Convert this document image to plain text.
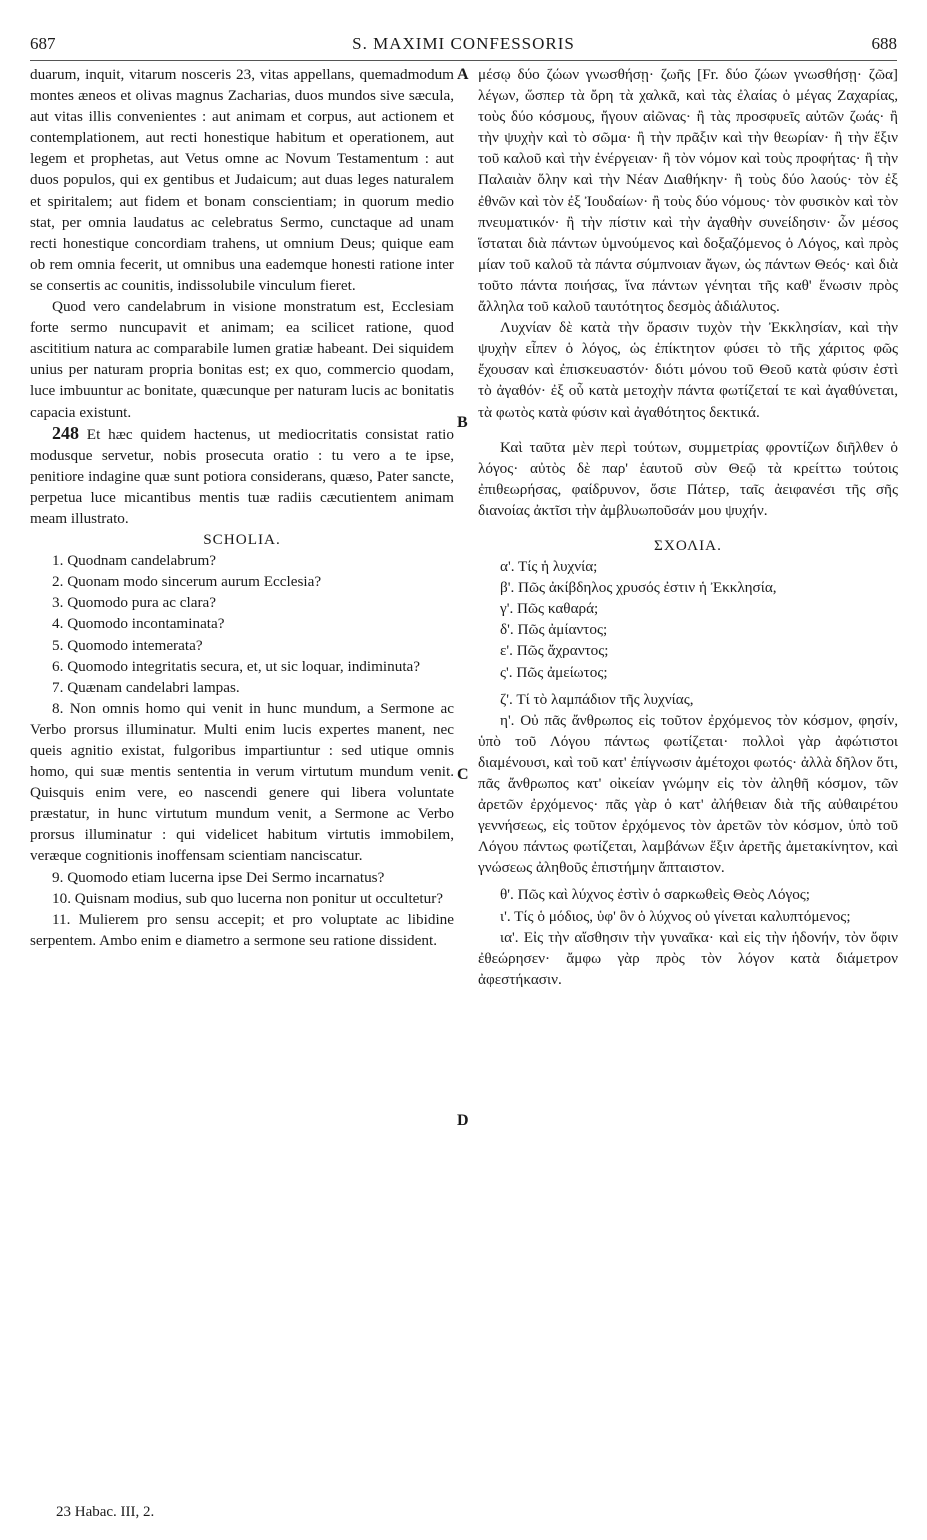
687	S. MAXIMI CONFESSORIS	688

duarum, inquit, vitarum nosceris 23, vitas appellans, quemadmodum montes æneos et olivas magnus Zacharias, duos mundos sive sæcula, aut vitas illis convenientes : aut animam et corpus, aut actionem et contemplationem, aut recti honestique habitum et operationem, aut legem et prophetas, aut Vetus omne ac Novum Testamentum : aut duos populos, qui ex gentibus et Judaicum; aut duas leges naturalem et spiritalem; aut fidem et bonam conscientiam; in quorum medio stat, per omnia laudatus ac celebratus Sermo, cunctaque ad unam recti honestique concordiam trahens, ut omnium Deus; quique eam ob rem omnia fecerit, ut omnibus una eademque honesti ratione inter se consertis ac counitis, indissolubile vinculum fieret.

Quod vero candelabrum in visione monstratum est, Ecclesiam forte sermo nuncupavit et animam; ea scilicet ratione, quod ascititium natura ac comparabile lumen gratiæ habeant. Dei siquidem unius per naturam propria bonitas est; ex quo, commercio quodam, luce imbuuntur ac bonitate, quæcunque per naturam lucis ac bonitatis capacia existunt.

248 Et hæc quidem hactenus, ut mediocritatis consistat ratio modusque servetur, nobis prosecuta oratio : tu vero a te ipse, penitiore indagine quæ sunt potiora considerans, quæso, Pater sancte, perpetua luce micantibus mentis tuæ radiis cæcutientem animam meam illustrato.

SCHOLIA.

1. Quodnam candelabrum?

2. Quonam modo sincerum aurum Ecclesia?

3. Quomodo pura ac clara?

4. Quomodo incontaminata?

5. Quomodo intemerata?

6. Quomodo integritatis secura, et, ut sic loquar, indiminuta?

7. Quænam candelabri lampas.

8. Non omnis homo qui venit in hunc mundum, a Sermone ac Verbo prorsus illuminatur. Multi enim lucis expertes manent, nec queis agnitio existat, fulgoribus impartiuntur : sed utique omnis homo, qui suæ mentis sententia in verum virtutum mundum venit. Quisquis enim vere, eo nascendi genere qui libera voluntate præstatur, in hunc virtutum mundum venit, a Sermone ac Verbo prorsus illuminatur : qui videlicet habitum virtutis immobilem, veræque cognitionis inoffensam scientiam nanciscatur.

9. Quomodo etiam lucerna ipse Dei Sermo incarnatus?

10. Quisnam modius, sub quo lucerna non ponitur ut occultetur?

11. Mulierem pro sensu accepit; et pro voluptate ac libidine serpentem. Ambo enim e diametro a sermone seu ratione dissident.

μέσῳ δύο ζώων γνωσθήσῃ· ζωῆς [Fr. δύο ζώων γνωσθήσῃ· ζῶα] λέγων, ὥσπερ τὰ ὄρη τὰ χαλκᾶ, καὶ τὰς ἐλαίας ὁ μέγας Ζαχαρίας, τοὺς δύο κόσμους, ἤγουν αἰῶνας· ἢ τὰς προσφυεῖς αὐτῶν ζωάς· ἢ τὴν ψυχὴν καὶ τὸ σῶμα· ἢ τὴν πρᾶξιν καὶ τὴν θεωρίαν· ἢ τὴν ἕξιν τοῦ καλοῦ καὶ τὴν ἐνέργειαν· ἢ τὸν νόμον καὶ τοὺς προφήτας· ἢ τὴν Παλαιὰν ὅλην καὶ τὴν Νέαν Διαθήκην· ἢ τοὺς δύο λαούς· τὸν ἐξ ἐθνῶν καὶ τὸν ἐξ Ἰουδαίων· ἢ τοὺς δύο νόμους· τὸν φυσικὸν καὶ τὸν πνευματικόν· ἢ τὴν πίστιν καὶ τὴν ἀγαθὴν συνείδησιν· ὧν μέσος ἵσταται διὰ πάντων ὑμνούμενος καὶ δοξαζόμενος ὁ Λόγος, καὶ πρὸς μίαν τοῦ καλοῦ τὰ πάντα σύμπνοιαν ἄγων, ὡς πάντων Θεός· καὶ διὰ τοῦτο πάντα ποιήσας, ἵνα πάντων γένηται τῆς καθ' ἕνωσιν πρὸς ἄλληλα τοῦ καλοῦ ταυτότητος δεσμὸς ἀδιάλυτος.

Λυχνίαν δὲ κατὰ τὴν ὅρασιν τυχὸν τὴν Ἐκκλησίαν, καὶ τὴν ψυχὴν εἶπεν ὁ λόγος, ὡς ἐπίκτητον φύσει τὸ τῆς χάριτος φῶς ἔχουσαν καὶ ἐπισκευαστόν· διότι μόνου τοῦ Θεοῦ κατὰ φύσιν ἐστὶ τὸ ἀγαθόν· ἐξ οὗ κατὰ μετοχὴν πάντα φωτίζεταί τε καὶ ἀγαθύνεται, τὰ φωτὸς κατὰ φύσιν καὶ ἀγαθότητος δεκτικά.

Καὶ ταῦτα μὲν περὶ τούτων, συμμετρίας φροντίζων διῆλθεν ὁ λόγος· αὐτὸς δὲ παρ' ἑαυτοῦ σὺν Θεῷ τὰ κρείττω τούτοις ἐπιθεωρήσας, φαίδρυνον, ὅσιε Πάτερ, ταῖς ἀειφανέσι τῆς σῆς διανοίας ἀκτῖσι τὴν ἀμβλυωποῦσάν μου ψυχήν.

ΣΧΟΛΙΑ.

α'. Τίς ἡ λυχνία;

β'. Πῶς ἀκίβδηλος χρυσός ἐστιν ἡ Ἐκκλησία,

γ'. Πῶς καθαρά;

δ'. Πῶς ἀμίαντος;

ε'. Πῶς ἄχραντος;

ς'. Πῶς ἀμείωτος;

ζ'. Τί τὸ λαμπάδιον τῆς λυχνίας,

η'. Οὐ πᾶς ἄνθρωπος εἰς τοῦτον ἐρχόμενος τὸν κόσμον, φησίν, ὑπὸ τοῦ Λόγου πάντως φωτίζεται· πολλοὶ γὰρ ἀφώτιστοι διαμένουσι, καὶ τοῦ κατ' ἐπίγνωσιν ἀμέτοχοι φωτός· ἀλλὰ δῆλον ὅτι, πᾶς ἄνθρωπος κατ' οἰκείαν γνώμην εἰς τὸν ἀληθῆ κόσμον, τῶν ἀρετῶν ἐρχόμενος· πᾶς γὰρ ὁ κατ' ἀλήθειαν διὰ τῆς αὐθαιρέτου γεννήσεως, εἰς τοῦτον ἐρχόμενος τὸν ἀρετῶν τὸν κόσμον, ὑπὸ τοῦ Λόγου πάντως φωτίζεται, λαμβάνων ἕξιν ἀρετῆς ἀμετακίνητον, καὶ γνώσεως ἀληθοῦς ἐπιστήμην ἄπταιστον.

θ'. Πῶς καὶ λύχνος ἐστὶν ὁ σαρκωθεὶς Θεὸς Λόγος;

ι'. Τίς ὁ μόδιος, ὑφ' ὃν ὁ λύχνος οὐ γίνεται καλυπτόμενος;

ια'. Εἰς τὴν αἴσθησιν τὴν γυναῖκα· καὶ εἰς τὴν ἡδονήν, τὸν ὄφιν ἐθεώρησεν· ἄμφω γὰρ πρὸς τὸν λόγον κατὰ διάμετρον ἀφεστήκασιν.

A
B
C
D
23 Habac. III, 2.
